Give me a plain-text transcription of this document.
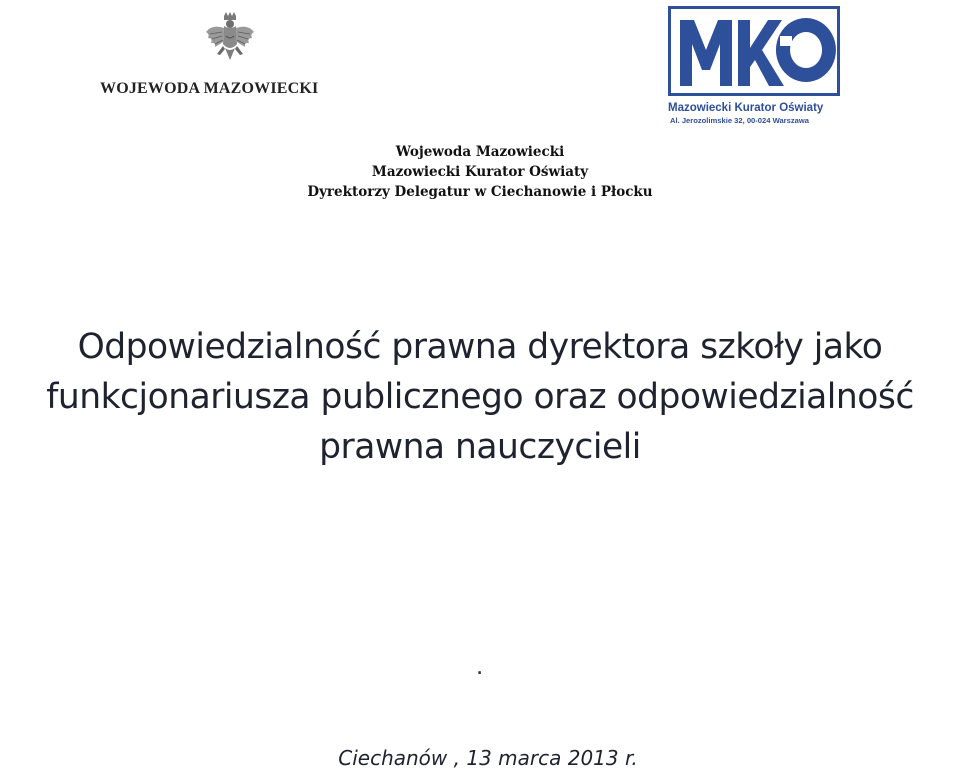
WOJEWODA MAZOWIECKI
Mazowiecki Kurator Oświaty
Al. Jerozolimskie 32, 00-024 Warszawa
Wojewoda Mazowiecki
Mazowiecki Kurator Oświaty
Dyrektorzy Delegatur w Ciechanowie i Płocku
Odpowiedzialność prawna dyrektora szkoły jako
funkcjonariusza publicznego oraz odpowiedzialność
prawna nauczycieli
.
Ciechanów , 13 marca 2013 r.
